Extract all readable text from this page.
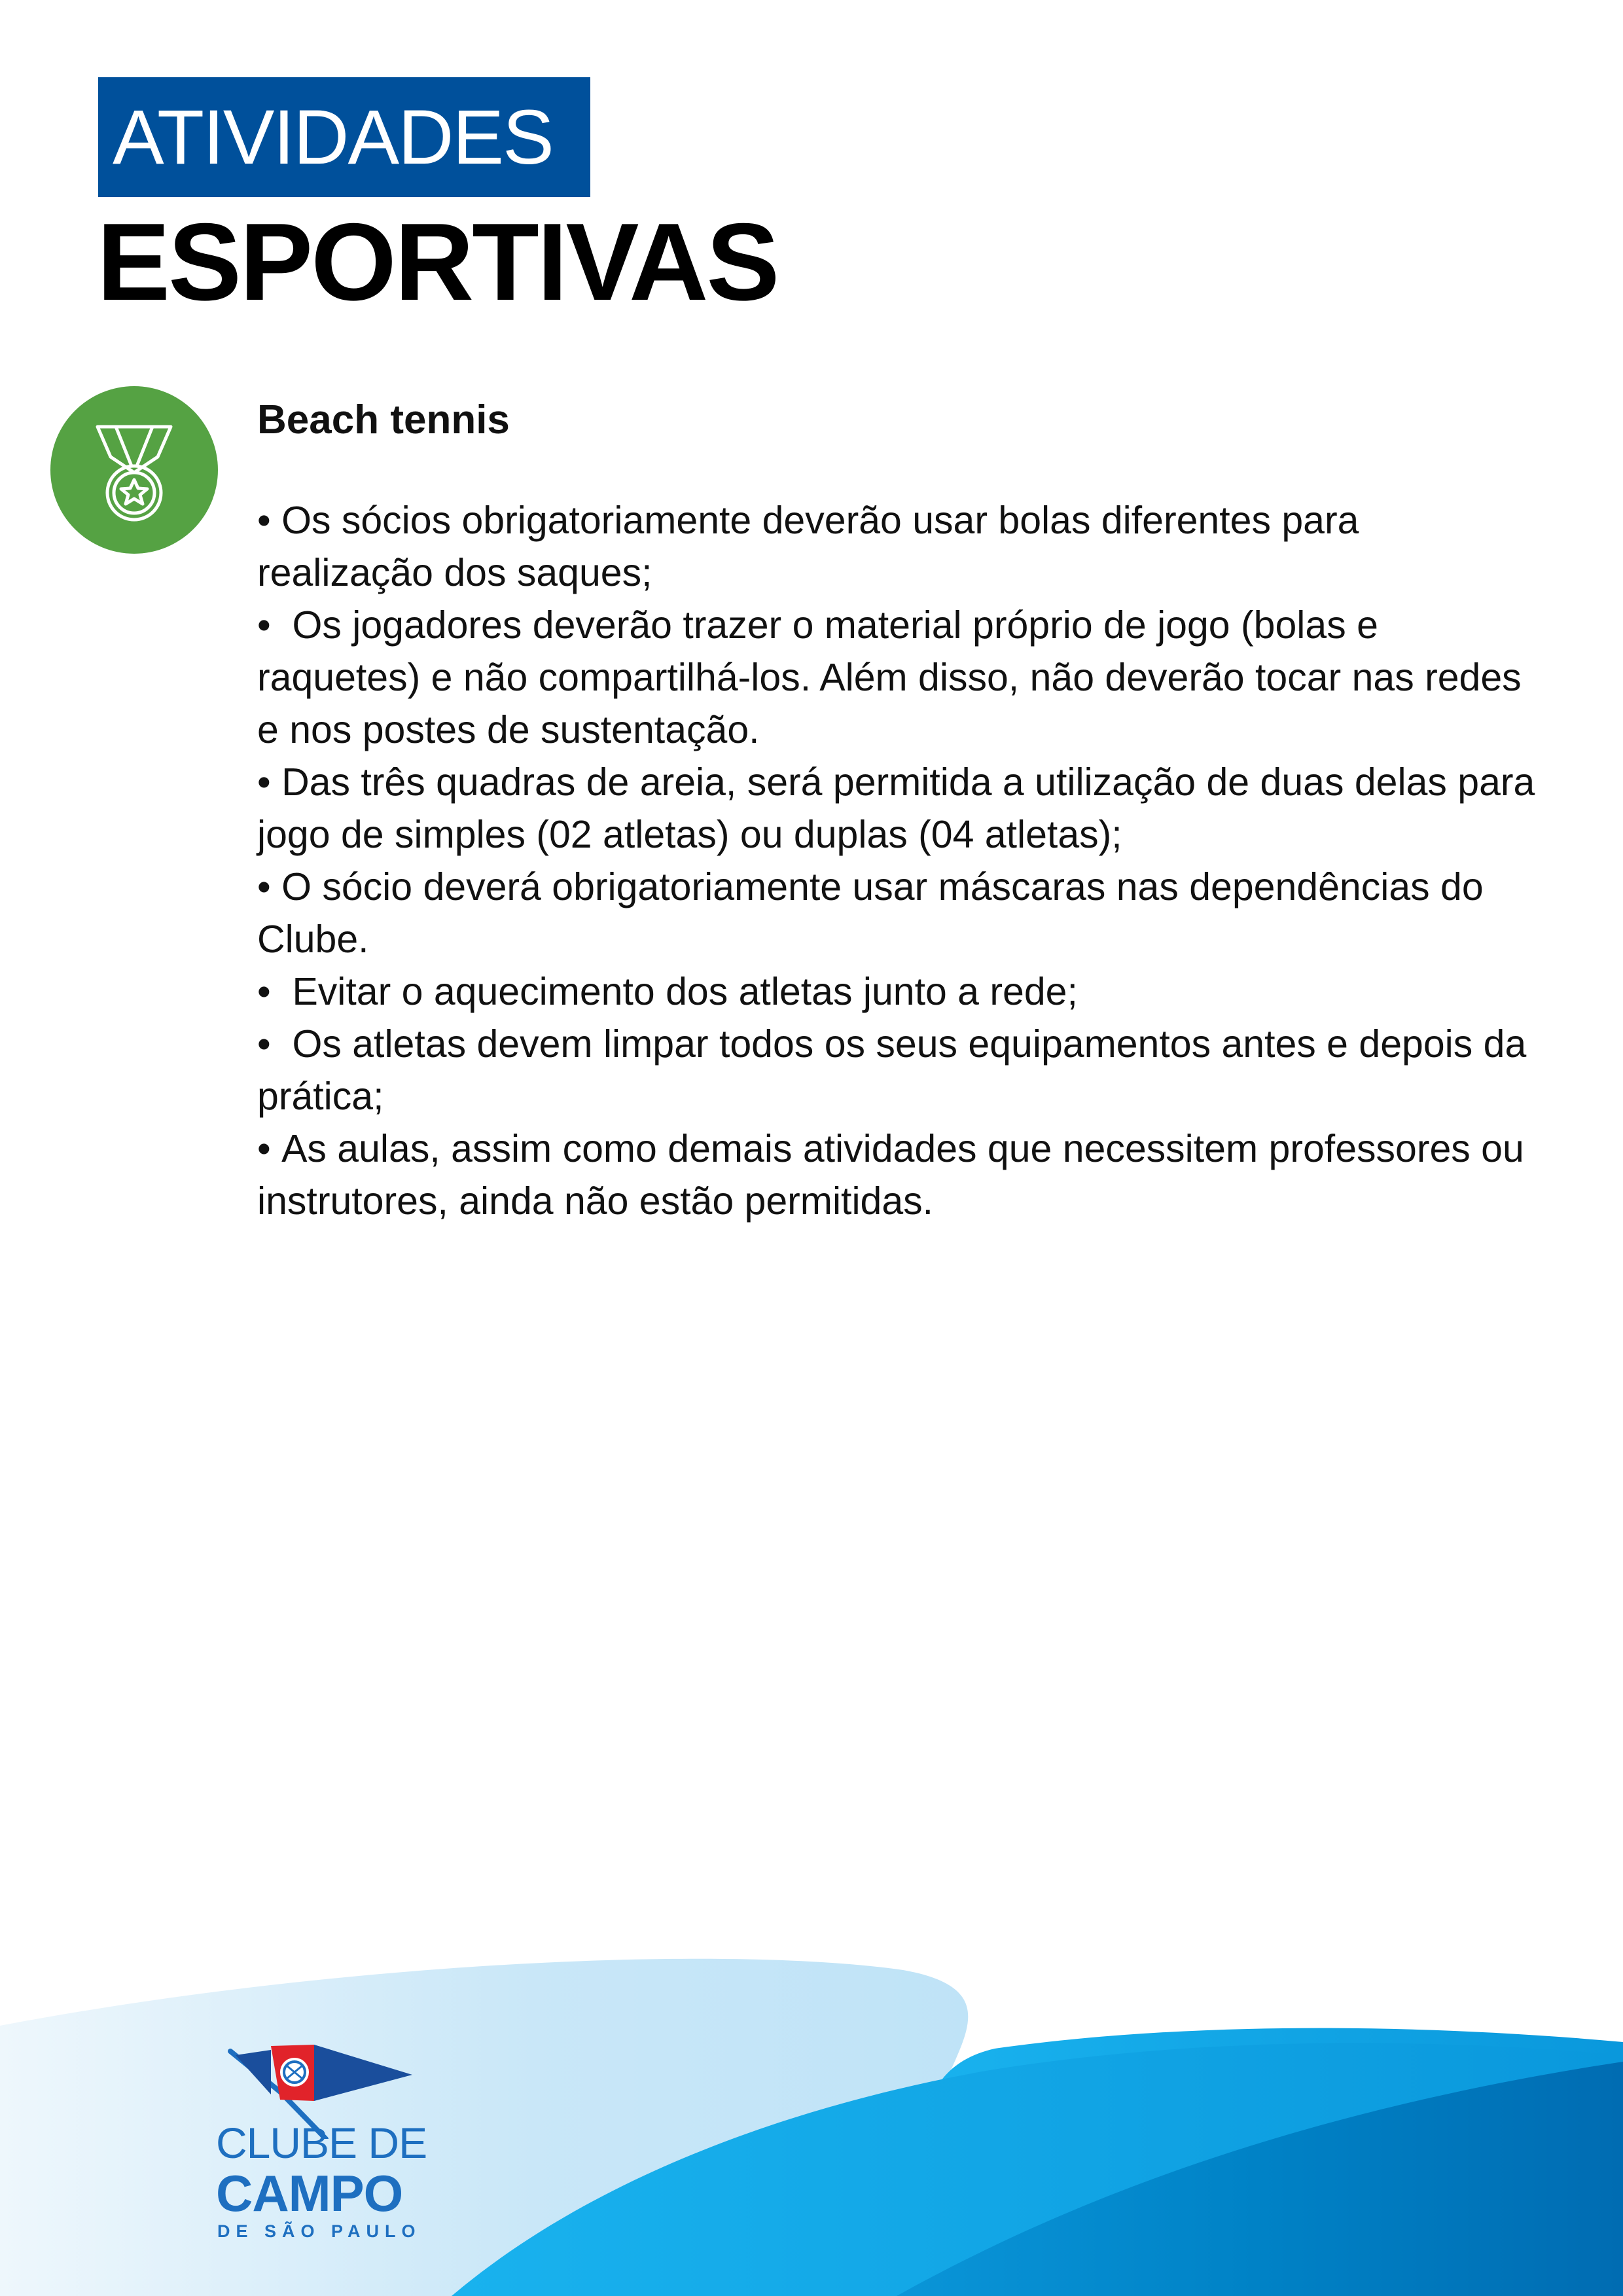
ATIVIDADES
ESPORTIVAS
Beach tennis
• Os sócios obrigatoriamente deverão usar bolas diferentes para realização dos saques;
•  Os jogadores deverão trazer o material próprio de jogo (bolas e raquetes) e não compartilhá-los. Além disso, não deverão tocar nas redes e nos postes de sustentação.
• Das três quadras de areia, será permitida a utilização de duas delas para jogo de simples (02 atletas) ou duplas (04 atletas);
• O sócio deverá obrigatoriamente usar máscaras nas dependências do Clube.
•  Evitar o aquecimento dos atletas junto a rede;
•  Os atletas devem limpar todos os seus equipamentos antes e depois da prática;
• As aulas, assim como demais atividades que necessitem professores ou instrutores, ainda não estão permitidas.
CLUBE DE
CAMPO
DE SÃO PAULO
